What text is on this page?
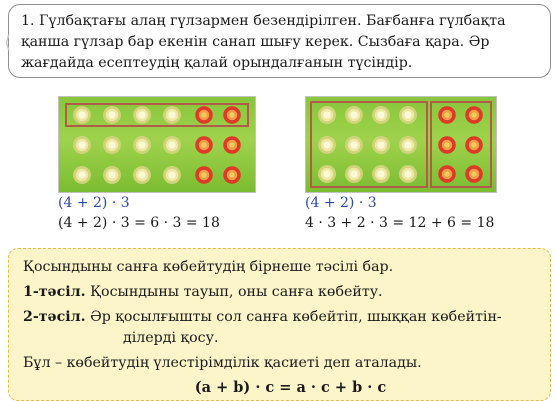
⟨
1. Гүлбақтағы алаң гүлзармен безендірілген. Бағбанға гүлбақта
қанша гүлзар бар екенін санап шығу керек. Сызбаға қара. Әр
жағдайда есептеудің қалай орындалғанын түсіндір.
(4 + 2) · 3
(4 + 2) · 3 = 6 · 3 = 18
(4 + 2) · 3
4 · 3 + 2 · 3 = 12 + 6 = 18
Қосындыны санға көбейтудің бірнеше тәсілі бар.
1-тәсіл. Қосындыны тауып, оны санға көбейту.
2-тәсіл. Әр қосылғышты сол санға көбейтіп, шыққан көбейтін-
ділерді қосу.
Бұл – көбейтудің үлестірімділік қасиеті деп аталады.
(a + b) · c = a · c + b · c
